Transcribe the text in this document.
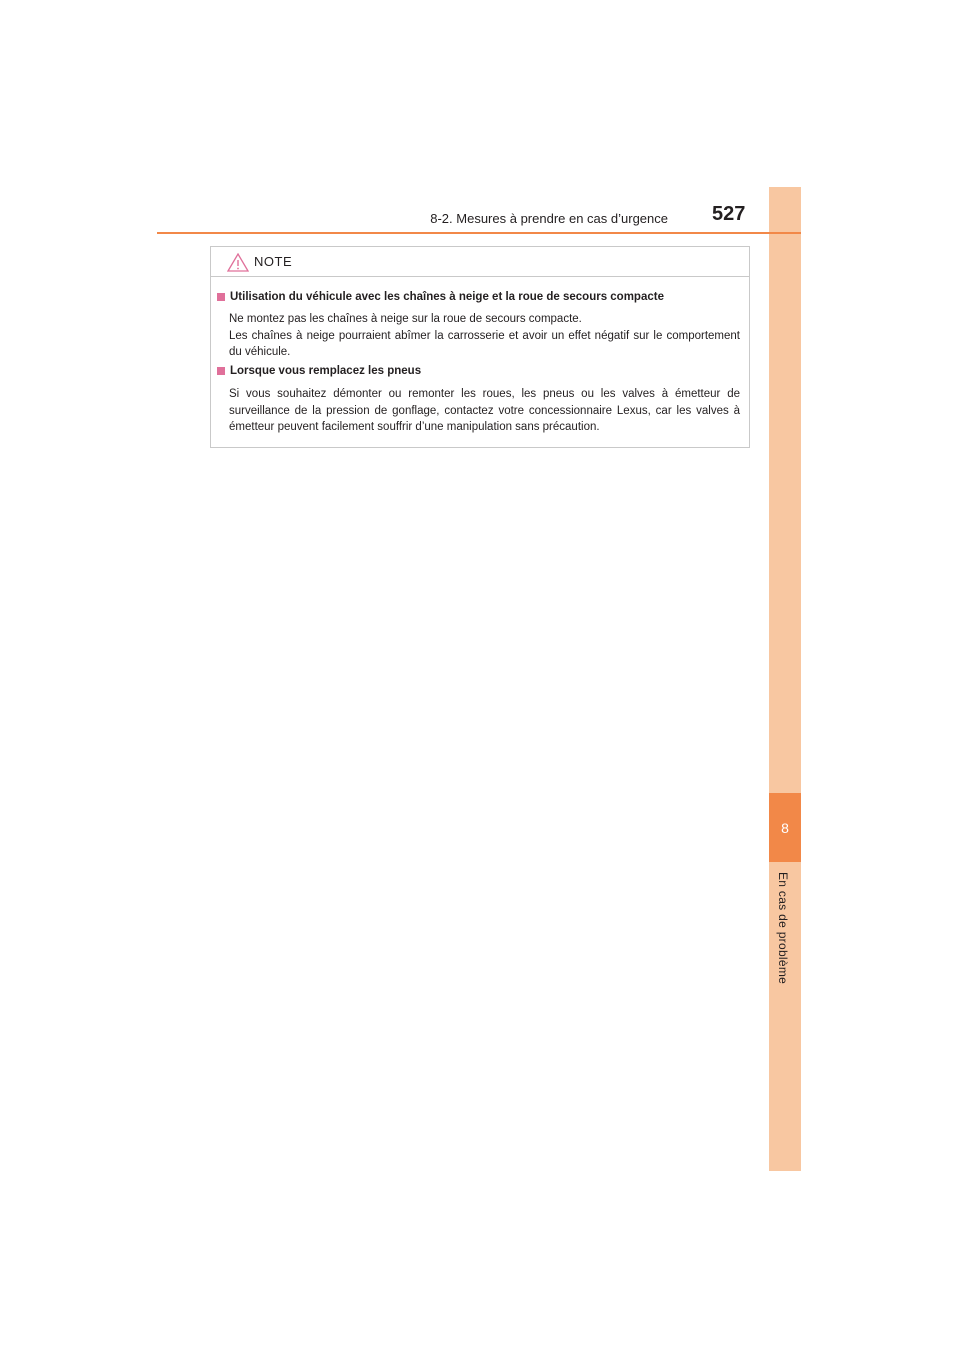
8
En cas de problème
8-2. Mesures à prendre en cas d’urgence 527
NOTE
Utilisation du véhicule avec les chaînes à neige et la roue de secours compacte

Ne montez pas les chaînes à neige sur la roue de secours compacte.

Les chaînes à neige pourraient abîmer la carrosserie et avoir un effet négatif sur le comportement du véhicule.

Lorsque vous remplacez les pneus

Si vous souhaitez démonter ou remonter les roues, les pneus ou les valves à émetteur de surveillance de la pression de gonflage, contactez votre concessionnaire Lexus, car les valves à émetteur peuvent facilement souffrir d’une manipulation sans précaution.
